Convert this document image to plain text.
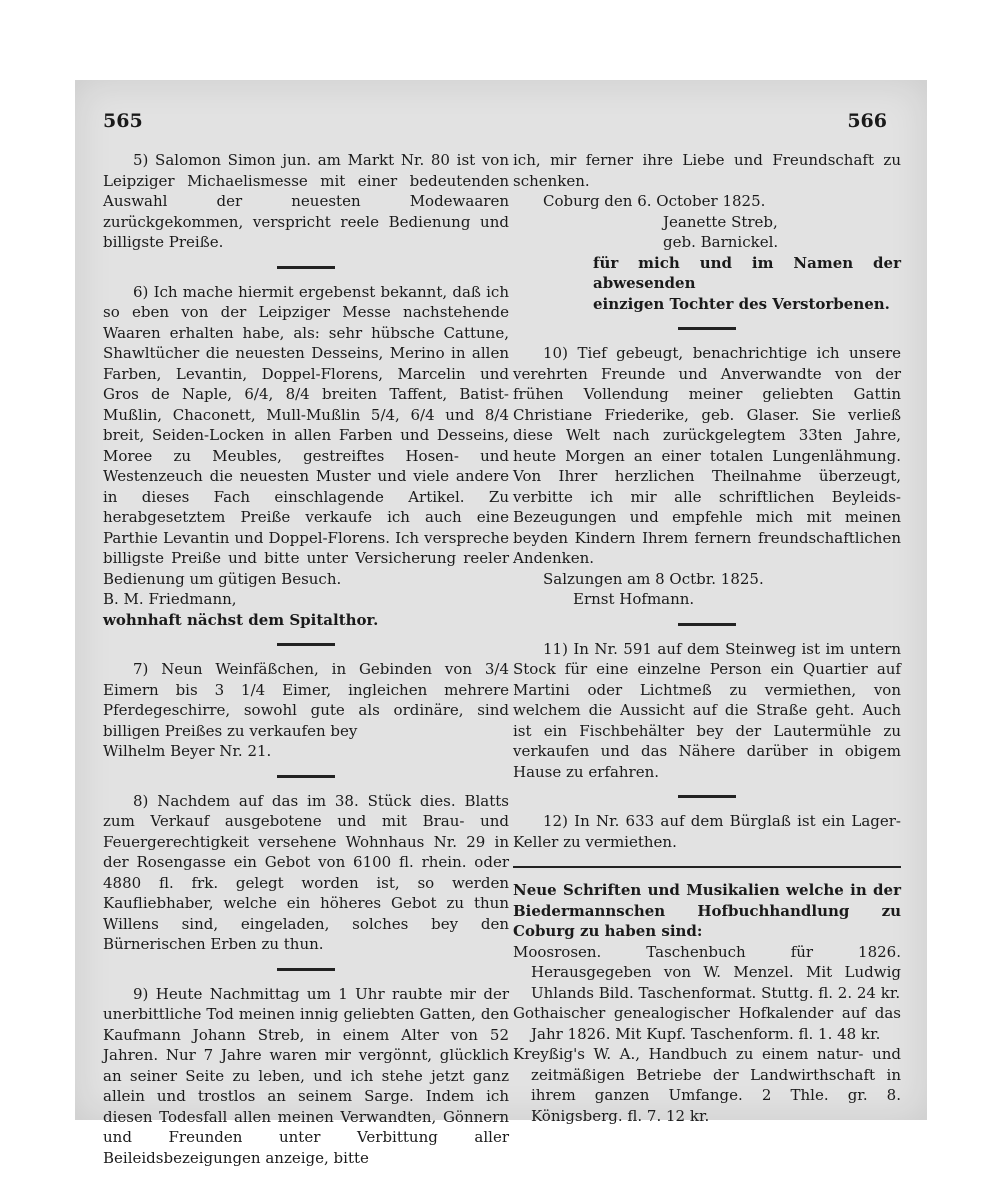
565	566

5) Salomon Simon jun. am Markt Nr. 80 ist von Leipziger Michaelismesse mit einer bedeutenden Auswahl der neuesten Modewaaren zurückgekommen, verspricht reele Bedienung und billigste Preiße.

6) Ich mache hiermit ergebenst bekannt, daß ich so eben von der Leipziger Messe nachstehende Waaren erhalten habe, als: sehr hübsche Cattune, Shawltücher die neuesten Desseins, Merino in allen Farben, Levantin, Doppel-Florens, Marcelin und Gros de Naple, 6/4, 8/4 breiten Taffent, Batist-Mußlin, Chaconett, Mull-Mußlin 5/4, 6/4 und 8/4 breit, Seiden-Locken in allen Farben und Desseins, Moree zu Meubles, gestreiftes Hosen- und Westenzeuch die neuesten Muster und viele andere in dieses Fach einschlagende Artikel. Zu herabgesetztem Preiße verkaufe ich auch eine Parthie Levantin und Doppel-Florens. Ich verspreche billigste Preiße und bitte unter Versicherung reeler Bedienung um gütigen Besuch.

B. M. Friedmann,

wohnhaft nächst dem Spitalthor.

7) Neun Weinfäßchen, in Gebinden von 3/4 Eimern bis 3 1/4 Eimer, ingleichen mehrere Pferdegeschirre, sowohl gute als ordinäre, sind billigen Preißes zu verkaufen bey

Wilhelm Beyer Nr. 21.

8) Nachdem auf das im 38. Stück dies. Blatts zum Verkauf ausgebotene und mit Brau- und Feuergerechtigkeit versehene Wohnhaus Nr. 29 in der Rosengasse ein Gebot von 6100 fl. rhein. oder 4880 fl. frk. gelegt worden ist, so werden Kaufliebhaber, welche ein höheres Gebot zu thun Willens sind, eingeladen, solches bey den Bürnerischen Erben zu thun.

9) Heute Nachmittag um 1 Uhr raubte mir der unerbittliche Tod meinen innig geliebten Gatten, den Kaufmann Johann Streb, in einem Alter von 52 Jahren. Nur 7 Jahre waren mir vergönnt, glücklich an seiner Seite zu leben, und ich stehe jetzt ganz allein und trostlos an seinem Sarge. Indem ich diesen Todesfall allen meinen Verwandten, Gönnern und Freunden unter Verbittung aller Beileidsbezeigungen anzeige, bitte

ich, mir ferner ihre Liebe und Freundschaft zu schenken.

Coburg den 6. October 1825.

Jeanette Streb,

geb. Barnickel.

für mich und im Namen der abwesenden

einzigen Tochter des Verstorbenen.

10) Tief gebeugt, benachrichtige ich unsere verehrten Freunde und Anverwandte von der frühen Vollendung meiner geliebten Gattin Christiane Friederike, geb. Glaser. Sie verließ diese Welt nach zurückgelegtem 33ten Jahre, heute Morgen an einer totalen Lungenlähmung. Von Ihrer herzlichen Theilnahme überzeugt, verbitte ich mir alle schriftlichen Beyleids-Bezeugungen und empfehle mich mit meinen beyden Kindern Ihrem fernern freundschaftlichen Andenken.

Salzungen am 8 Octbr. 1825.

Ernst Hofmann.

11) In Nr. 591 auf dem Steinweg ist im untern Stock für eine einzelne Person ein Quartier auf Martini oder Lichtmeß zu vermiethen, von welchem die Aussicht auf die Straße geht. Auch ist ein Fischbehälter bey der Lautermühle zu verkaufen und das Nähere darüber in obigem Hause zu erfahren.

12) In Nr. 633 auf dem Bürglaß ist ein Lager-Keller zu vermiethen.

Neue Schriften und Musikalien welche in der Biedermannschen Hofbuchhandlung zu Coburg zu haben sind:

Moosrosen. Taschenbuch für 1826. Herausgegeben von W. Menzel. Mit Ludwig Uhlands Bild. Taschenformat. Stuttg. fl. 2. 24 kr.

Gothaischer genealogischer Hofkalender auf das Jahr 1826. Mit Kupf. Taschenform. fl. 1. 48 kr.

Kreyßig's W. A., Handbuch zu einem natur- und zeitmäßigen Betriebe der Landwirthschaft in ihrem ganzen Umfange. 2 Thle. gr. 8. Königsberg. fl. 7. 12 kr.
